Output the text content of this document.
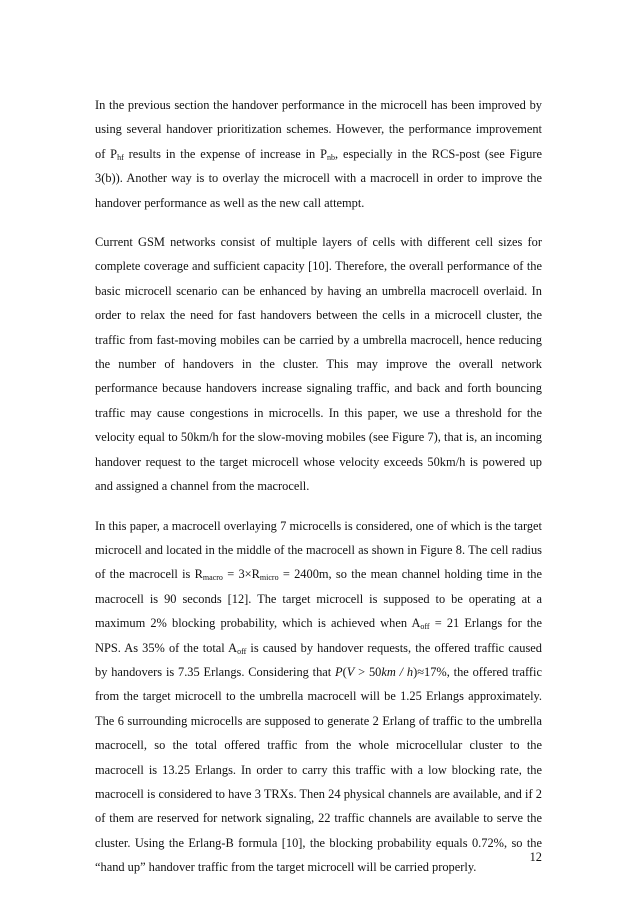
In the previous section the handover performance in the microcell has been improved by using several handover prioritization schemes. However, the performance improvement of $P_{hf}$ results in the expense of increase in $P_{nb}$, especially in the RCS-post (see Figure 3(b)). Another way is to overlay the microcell with a macrocell in order to improve the handover performance as well as the new call attempt.

Current GSM networks consist of multiple layers of cells with different cell sizes for complete coverage and sufficient capacity [10]. Therefore, the overall performance of the basic microcell scenario can be enhanced by having an umbrella macrocell overlaid. In order to relax the need for fast handovers between the cells in a microcell cluster, the traffic from fast-moving mobiles can be carried by a umbrella macrocell, hence reducing the number of handovers in the cluster. This may improve the overall network performance because handovers increase signaling traffic, and back and forth bouncing traffic may cause congestions in microcells. In this paper, we use a threshold for the velocity equal to 50km/h for the slow-moving mobiles (see Figure 7), that is, an incoming handover request to the target microcell whose velocity exceeds 50km/h is powered up and assigned a channel from the macrocell.

In this paper, a macrocell overlaying 7 microcells is considered, one of which is the target microcell and located in the middle of the macrocell as shown in Figure 8. The cell radius of the macrocell is $R_{macro} = 3\times R_{micro} = 2400m$, so the mean channel holding time in the macrocell is 90 seconds [12]. The target microcell is supposed to be operating at a maximum 2% blocking probability, which is achieved when $A_{off} = 21$ Erlangs for the NPS. As 35% of the total $A_{off}$ is caused by handover requests, the offered traffic caused by handovers is 7.35 Erlangs. Considering that P(V > 50km / h)≈17%, the offered traffic from the target microcell to the umbrella macrocell will be 1.25 Erlangs approximately. The 6 surrounding microcells are supposed to generate 2 Erlang of traffic to the umbrella macrocell, so the total offered traffic from the whole microcellular cluster to the macrocell is 13.25 Erlangs. In order to carry this traffic with a low blocking rate, the macrocell is considered to have 3 TRXs. Then 24 physical channels are available, and if 2 of them are reserved for network signaling, 22 traffic channels are available to serve the cluster. Using the Erlang-B formula [10], the blocking probability equals 0.72%, so the “hand up” handover traffic from the target microcell will be carried properly.

12
